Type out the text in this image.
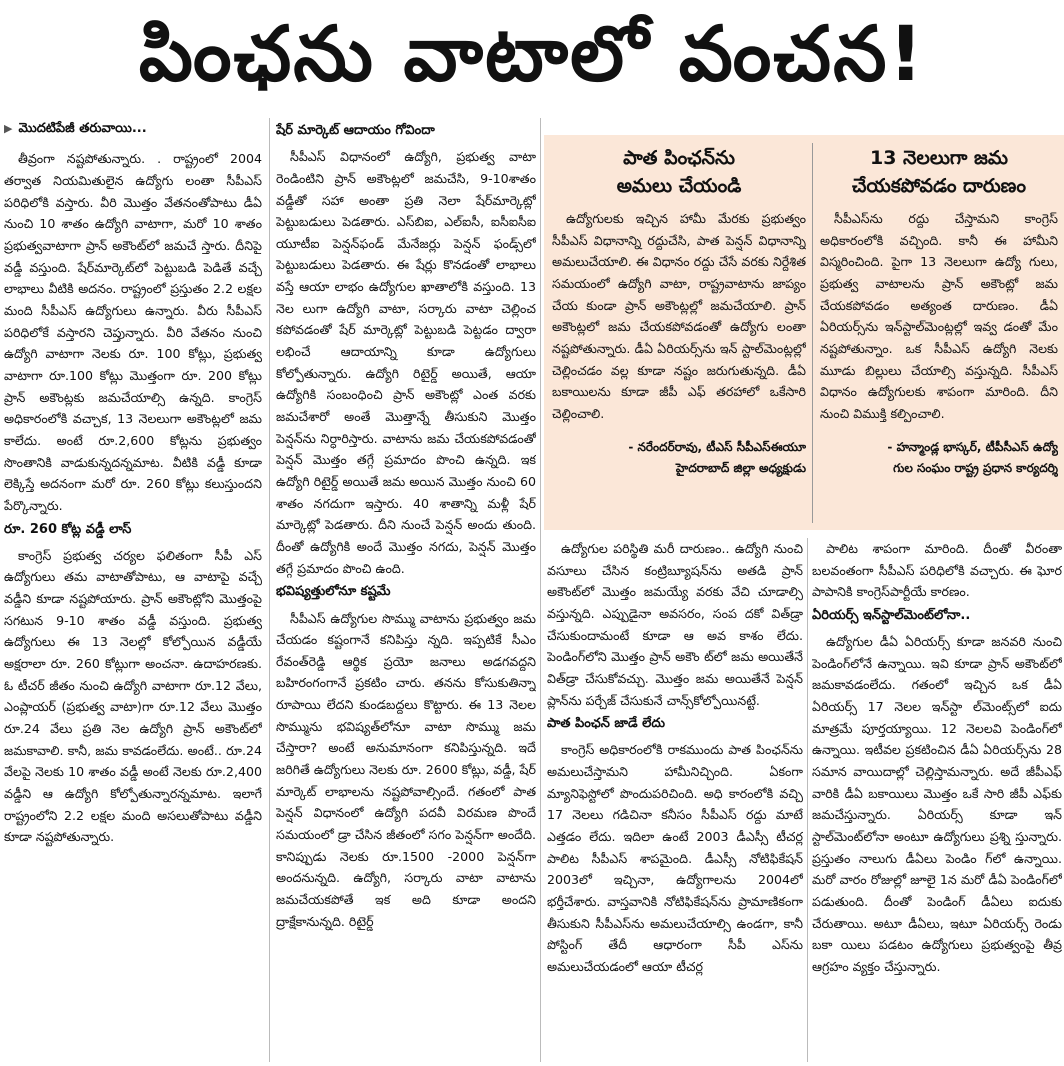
పింఛను వాటాలో వంచన!
▶ మొదటిపేజీ తరువాయి...

తీవ్రంగా నష్టపోతున్నారు. . రాష్ట్రంలో 2004 తర్వాత నియమితులైన ఉద్యోగు లంతా సీపీఎస్ పరిధిలోకి వస్తారు. వీరి మొత్తం వేతనంతోపాటు డీఏ నుంచి 10 శాతం ఉద్యోగి వాటాగా, మరో 10 శాతం ప్రభుత్వవాటాగా ప్రాన్ అకౌంట్‌లో జమచే స్తారు. దీనిపై వడ్డీ వస్తుంది. షేర్‌మార్కెట్‌లో పెట్టుబడి పెడితే వచ్చే లాభాలు వీటికి అదనం. రాష్ట్రంలో ప్రస్తుతం 2.2 లక్షల మంది సీపీఎస్ ఉద్యోగులు ఉన్నారు. వీరు సీపీఎస్ పరిధిలోకే వస్తారని చెప్తున్నారు. వీరి వేతనం నుంచి ఉద్యోగి వాటాగా నెలకు రూ. 100 కోట్లు, ప్రభుత్వ వాటాగా రూ.100 కోట్లు మొత్తంగా రూ. 200 కోట్లు ప్రాన్ అకౌంట్లకు జమచేయాల్సి ఉన్నది. కాంగ్రెస్ అధికారంలోకి వచ్చాక, 13 నెలలుగా అకౌంట్లలో జమ కాలేదు. అంటే రూ.2,600 కోట్లను ప్రభుత్వం సొంతానికి వాడుకున్నదన్నమాట. వీటికి వడ్డీ కూడా లెక్కిస్తే అదనంగా మరో రూ. 260 కోట్లు కలుస్తుందని పేర్కొన్నారు.

రూ. 260 కోట్ల వడ్డీ లాస్

కాంగ్రెస్ ప్రభుత్వ చర్యల ఫలితంగా సీపీ ఎస్ ఉద్యోగులు తమ వాటాతోపాటు, ఆ వాటాపై వచ్చే వడ్డీని కూడా నష్టపోయారు. ప్రాన్ అకౌంట్లోని మొత్తంపై సగటున 9-10 శాతం వడ్డీ వస్తుంది. ప్రభుత్వ ఉద్యోగులు ఈ 13 నెలల్లో కోల్పోయిన వడ్డీయే అక్షరాలా రూ. 260 కోట్లుగా అంచనా. ఉదాహరణకు. ఓ టీచర్ జీతం నుంచి ఉద్యోగి వాటాగా రూ.12 వేలు, ఎంప్లాయర్ (ప్రభుత్వ వాటా)గా రూ.12 వేలు మొత్తం రూ.24 వేలు ప్రతి నెల ఉద్యోగి ప్రాన్ అకౌంట్‌లో జమకావాలి. కానీ, జమ కావడంలేదు. అంటే.. రూ.24 వేలపై నెలకు 10 శాతం వడ్డీ అంటే నెలకు రూ.2,400 వడ్డీని ఆ ఉద్యోగి కోల్పోతున్నారన్నమాట. ఇలాగే రాష్ట్రంలోని 2.2 లక్షల మంది అసలుతోపాటు వడ్డీని కూడా నష్టపోతున్నారు.

షేర్ మార్కెట్ ఆదాయం గోవిందా

సీపీఎస్ విధానంలో ఉద్యోగి, ప్రభుత్వ వాటా రెండింటిని ప్రాన్ అకౌంట్లలో జమచేసి, 9-10శాతం వడ్డీతో సహా అంతా ప్రతి నెలా షేర్‌మార్కెట్లో పెట్టుబడులు పెడతారు. ఎస్‌బిఐ, ఎల్ఐసీ, ఐసీఐసీఐ యూటీఐ పెన్షన్‌ఫండ్ మేనేజర్లు పెన్షన్ ఫండ్స్‌లో పెట్టుబడులు పెడతారు. ఈ షేర్లు కొనడంతో లాభాలు వస్తే ఆయా లాభం ఉద్యోగుల ఖాతాలోకి వస్తుంది. 13 నెల లుగా ఉద్యోగి వాటా, సర్కారు వాటా చెల్లించ కపోవడంతో షేర్ మార్కెట్లో పెట్టుబడి పెట్టడం ద్వారా లభించే ఆదాయాన్ని కూడా ఉద్యోగులు కోల్పోతున్నారు. ఉద్యోగి రిటైర్డ్ అయితే, ఆయా ఉద్యోగికి సంబంధించి ప్రాన్ అకౌంట్లో ఎంత వరకు జమచేశారో అంతే మొత్తాన్నే తీసుకుని మొత్తం పెన్షన్‌ను నిర్ధారిస్తారు. వాటాను జమ చేయకపోవడంతో పెన్షన్ మొత్తం తగ్గే ప్రమాదం పొంచి ఉన్నది. ఇక ఉద్యోగి రిటైర్డ్ అయితే జమ అయిన మొత్తం నుంచి 60 శాతం నగదుగా ఇస్తారు. 40 శాతాన్ని మళ్లీ షేర్ మార్కెట్లో పెడతారు. దీని నుంచే పెన్షన్ అందు తుంది. దీంతో ఉద్యోగికి అందే మొత్తం నగదు, పెన్షన్ మొత్తం తగ్గే ప్రమాదం పొంచి ఉంది.

భవిష్యత్తులోనూ కష్టమే

సీపీఎస్ ఉద్యోగుల సొమ్ము వాటాను ప్రభుత్వం జమ చేయడం కష్టంగానే కనిపిస్తు న్నది. ఇప్పటికే సీఎం రేవంత్‌రెడ్డి ఆర్థిక ప్రయో జనాలు అడగవద్దని బహిరంగంగానే ప్రకటిం చారు. తనను కోసుకుతిన్నా రూపాయి లేదని కుండబద్దలు కొట్టారు. ఈ 13 నెలల సొమ్మును భవిష్యత్‌లోనూ వాటా సొమ్ము జమ చేస్తారా? అంటే అనుమానంగా కనిపిస్తున్నది. ఇదే జరిగితే ఉద్యోగులు నెలకు రూ. 2600 కోట్లు, వడ్డీ, షేర్ మార్కెట్ లాభాలను నష్టపోవాల్సిందే. గతంలో పాత పెన్షన్ విధానంలో ఉద్యోగి పదవీ విరమణ పొందే సమయంలో డ్రా చేసిన జీతంలో సగం పెన్షన్‌గా అందేది. కానిప్పుడు నెలకు రూ.1500 -2000 పెన్షన్‌గా అందనున్నది. ఉద్యోగి, సర్కారు వాటా వాటాను జమచేయకపోతే ఇక అది కూడా అందని ద్రాక్షేకానున్నది. రిటైర్డ్

పాత పింఛన్‌ను
అమలు చేయండి

ఉద్యోగులకు ఇచ్చిన హామీ మేరకు ప్రభుత్వం సీపీఎస్ విధానాన్ని రద్దుచేసి, పాత పెన్షన్ విధానాన్ని అమలుచేయాలి. ఈ విధానం రద్దు చేసే వరకు నిర్దేశిత సమయంలో ఉద్యోగి వాటా, రాష్ట్రవాటాను జాప్యం చేయ కుండా ప్రాన్ అకౌంట్లల్లో జమచేయాలి. ప్రాన్ అకౌంట్లలో జమ చేయకపోవడంతో ఉద్యోగు లంతా నష్టపోతున్నారు. డీఏ ఏరియర్స్‌ను ఇన్ స్టాల్‌మెంట్లల్లో చెల్లించడం వల్ల కూడా నష్టం జరుగుతున్నది. డీఏ బకాయిలను కూడా జీపీ ఎఫ్ తరహాలో ఒకేసారి చెల్లించాలి.

- నరేందర్‌రావు, టీఎస్ సీపీఎస్ఈయూ
హైదరాబాద్ జిల్లా అధ్యక్షుడు
13 నెలలుగా జమ
చేయకపోవడం దారుణం

సీపీఎస్‌ను రద్దు చేస్తామని కాంగ్రెస్ అధికారంలోకి వచ్చింది. కానీ ఈ హామీని విస్మరించింది. పైగా 13 నెలలుగా ఉద్యో గులు, ప్రభుత్వ వాటాలను ప్రాన్ అకౌంట్లో జమ చేయకపోవడం అత్యంత దారుణం. డీఏ ఏరియర్స్‌ను ఇన్‌స్టాల్‌మెంట్లల్లో ఇవ్వ డంతో మేం నష్టపోతున్నాం. ఒక సీపీఎస్ ఉద్యోగి నెలకు మూడు బిల్లులు చేయాల్సి వస్తున్నది. సీపీఎస్ విధానం ఉద్యోగులకు శాపంగా మారింది. దీని నుంచి విముక్తి కల్పించాలి.

- హన్మాండ్ల భాస్కర్, టీపీసీఎస్ ఉద్యో
గుల సంఘం రాష్ట్ర ప్రధాన కార్యదర్శి

ఉద్యోగుల పరిస్థితి మరీ దారుణం.. ఉద్యోగి నుంచి వసూలు చేసిన కంట్రిబ్యూషన్‌ను అతడి ప్రాన్ అకౌంట్‌లో మొత్తం జమయ్యే వరకు వేచి చూడాల్సి వస్తున్నది. ఎప్పుడైనా అవసరం, సంప దకో విత్‌డ్రా చేసుకుందామంటే కూడా ఆ అవ కాశం లేదు. పెండింగ్‌లోని మొత్తం ప్రాన్ అకౌం ట్‌లో జమ అయితేనే విత్‌డ్రా చేసుకోవచ్చు. మొత్తం జమ అయితేనే పెన్షన్ ప్లాన్‌ను పర్చేజ్ చేసుకునే చాన్స్‌కోల్పోయినట్టే.

పాత పింఛన్ జాడే లేదు

కాంగ్రెస్ అధికారంలోకి రాకముందు పాత పింఛన్‌ను అమలుచేస్తామని హామీనిచ్చింది. ఏకంగా మ్యానిఫెస్టోలో పొందుపరిచింది. అధి కారంలోకి వచ్చి 17 నెలలు గడిచినా కనీసం సీపీఎస్ రద్దు మాటే ఎత్తడం లేదు. ఇదిలా ఉంటే 2003 డీఎస్సీ టీచర్ల పాలిట సీపీఎస్ శాపమైంది. డీఎస్సీ నోటిఫికేషన్ 2003లో ఇచ్చినా, ఉద్యోగాలను 2004లో భర్తీచేశారు. వాస్తవానికి నోటిఫికేషన్‌ను ప్రామాణికంగా తీసుకుని సీపీఎస్‌ను అమలుచేయాల్సి ఉండగా, కానీ పోస్టింగ్ తేదీ ఆధారంగా సీపీ ఎస్‌ను అమలుచేయడంలో ఆయా టీచర్ల

పాలిట శాపంగా మారింది. దీంతో వీరంతా బలవంతంగా సీపీఎస్ పరిధిలోకి వచ్చారు. ఈ ఘోర పాపానికి కాంగ్రెస్‌పార్టీయే కారణం.

ఏరియర్స్ ఇన్‌స్టాల్‌మెంట్‌లోనా..

ఉద్యోగుల డీఏ ఏరియర్స్ కూడా జనవరి నుంచి పెండింగ్‌లోనే ఉన్నాయి. ఇవి కూడా ప్రాన్ అకౌంట్‌లో జమకావడంలేదు. గతంలో ఇచ్చిన ఒక డీఏ ఏరియర్స్ 17 నెలల ఇన్‌స్టా ల్‌మెంట్స్‌లో ఐదు మాత్రమే పూర్తయ్యాయి. 12 నెలలవి పెండింగ్‌లో ఉన్నాయి. ఇటీవల ప్రకటించిన డీఏ ఏరియర్స్‌ను 28 సమాన వాయిదాల్లో చెల్లిస్తామన్నారు. అదే జీపీఎఫ్ వారికి డీఏ బకాయిలు మొత్తం ఒకే సారి జీపీ ఎఫ్‌కు జమచేస్తున్నారు. ఏరియర్స్ కూడా ఇన్ స్టాల్‌మెంట్‌లోనా అంటూ ఉద్యోగులు ప్రశ్ని స్తున్నారు. ప్రస్తుతం నాలుగు డీఏలు పెండిం గ్‌లో ఉన్నాయి. మరో వారం రోజుల్లో జూలై 1న మరో డీఏ పెండింగ్‌లో పడుతుంది. దీంతో పెండింగ్ డీఏలు ఐదుకు చేరుతాయి. అటూ డీఏలు, ఇటూ ఏరియర్స్ రెండు బకా యిలు పడటం ఉద్యోగులు ప్రభుత్వంపై తీవ్ర ఆగ్రహం వ్యక్తం చేస్తున్నారు.
